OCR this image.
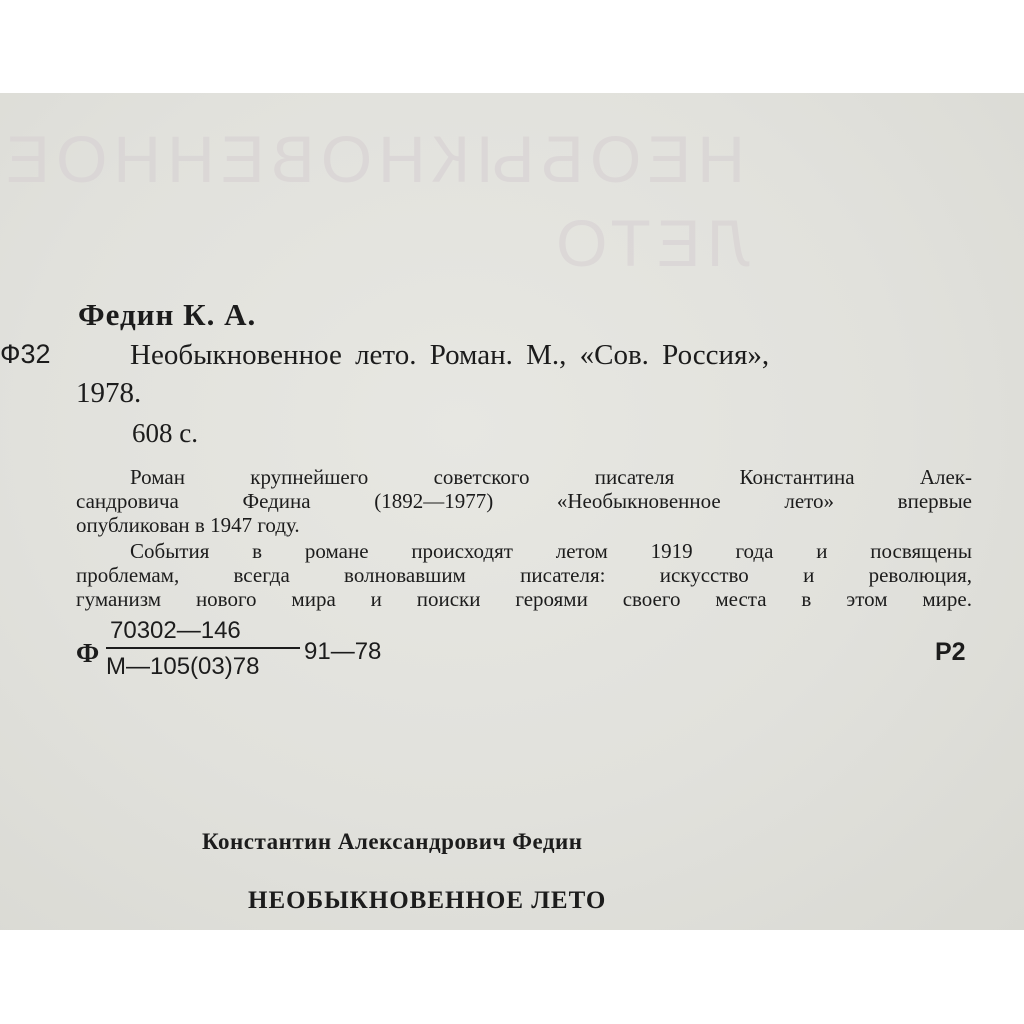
НЕОБЫКНОВЕННОЕ
ЛЕТО
Федин К. А.
Ф32	Необыкновенное лето. Роман. М., «Сов. Россия»,
1978.
608 с.
Роман крупнейшего советского писателя Константина Алек-
сандровича Федина (1892—1977) «Необыкновенное лето» впервые
опубликован в 1947 году.
События в романе происходят летом 1919 года и посвящены
проблемам, всегда волновавшим писателя: искусство и революция,
гуманизм нового мира и поиски героями своего места в этом мире.
Ф
70302—146
М—105(03)78
91—78	Р2
Константин Александрович Федин
НЕОБЫКНОВЕННОЕ ЛЕТО
